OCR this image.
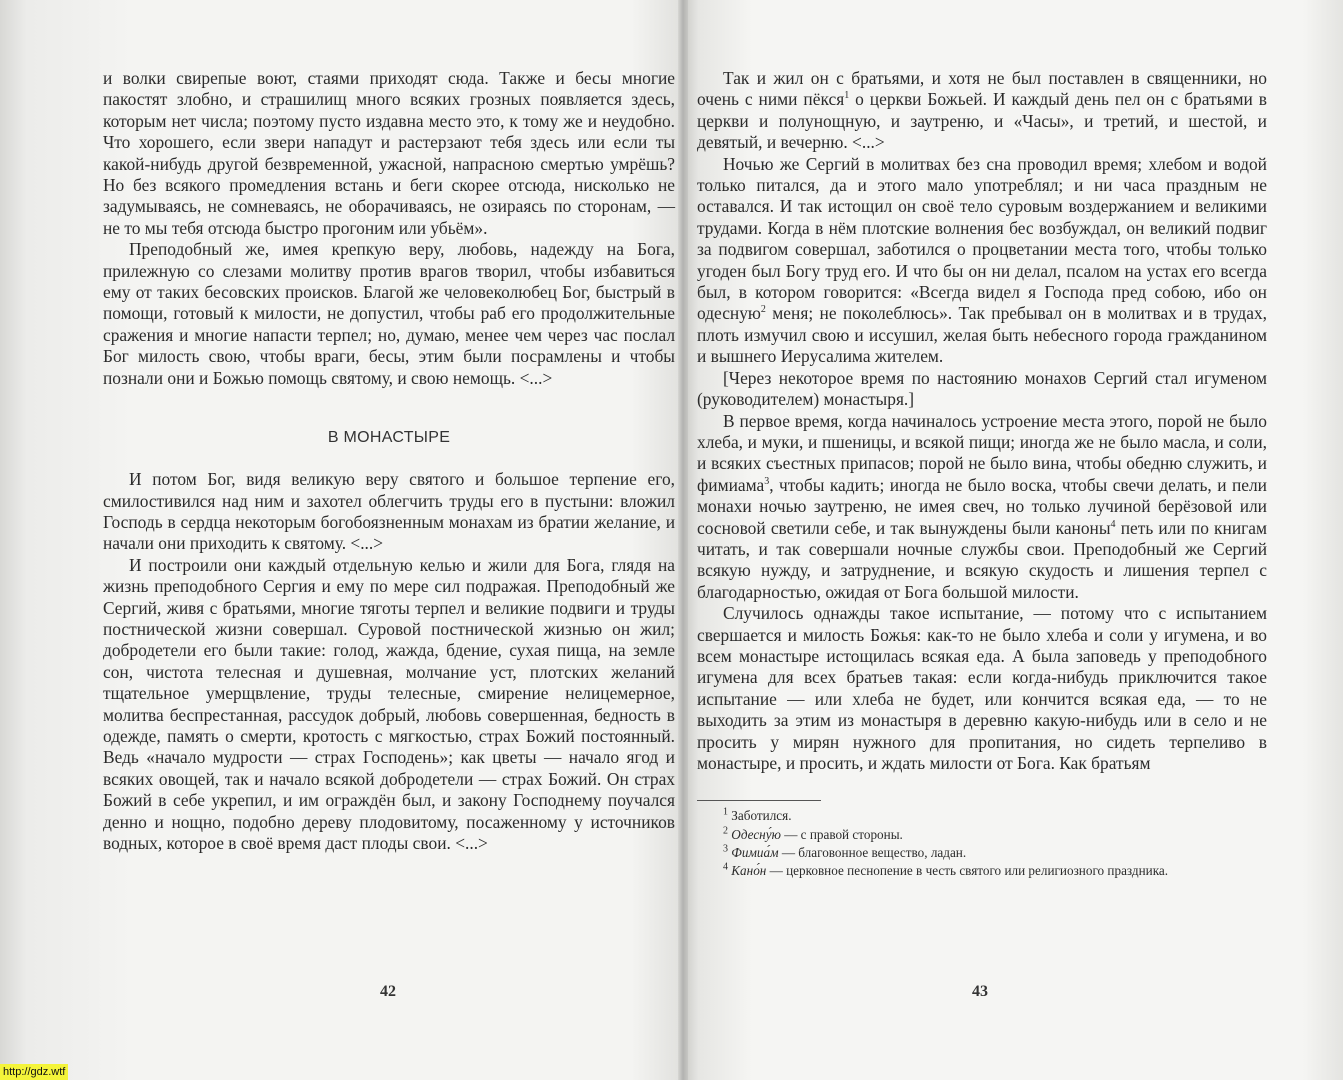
и волки свирепые воют, стаями приходят сюда. Также и бесы многие пакостят злобно, и страшилищ много всяких грозных появляется здесь, которым нет числа; поэтому пусто издавна место это, к тому же и неудобно. Что хорошего, если звери нападут и растерзают тебя здесь или если ты какой-нибудь другой безвременной, ужасной, напрасною смертью умрёшь? Но без всякого промедления встань и беги скорее отсюда, нисколько не задумываясь, не сомневаясь, не оборачиваясь, не озираясь по сторонам, — не то мы тебя отсюда быстро прогоним или убьём».

Преподобный же, имея крепкую веру, любовь, надежду на Бога, прилежную со слезами молитву против врагов творил, чтобы избавиться ему от таких бесовских происков. Благой же человеколюбец Бог, быстрый в помощи, готовый к милости, не допустил, чтобы раб его продолжительные сражения и многие напасти терпел; но, думаю, менее чем через час послал Бог милость свою, чтобы враги, бесы, этим были посрамлены и чтобы познали они и Божью помощь святому, и свою немощь. <...>

В МОНАСТЫРЕ

И потом Бог, видя великую веру святого и большое терпение его, смилостивился над ним и захотел облегчить труды его в пустыни: вложил Господь в сердца некоторым богобоязненным монахам из братии желание, и начали они приходить к святому. <...>

И построили они каждый отдельную келью и жили для Бога, глядя на жизнь преподобного Сергия и ему по мере сил подражая. Преподобный же Сергий, живя с братьями, многие тяготы терпел и великие подвиги и труды постнической жизни совершал. Суровой постнической жизнью он жил; добродетели его были такие: голод, жажда, бдение, сухая пища, на земле сон, чистота телесная и душевная, молчание уст, плотских желаний тщательное умерщвление, труды телесные, смирение нелицемерное, молитва беспрестанная, рассудок добрый, любовь совершенная, бедность в одежде, память о смерти, кротость с мягкостью, страх Божий постоянный. Ведь «начало мудрости — страх Господень»; как цветы — начало ягод и всяких овощей, так и начало всякой добродетели — страх Божий. Он страх Божий в себе укрепил, и им ограждён был, и закону Господнему поучался денно и нощно, подобно дереву плодовитому, посаженному у источников водных, которое в своё время даст плоды свои. <...>

42

Так и жил он с братьями, и хотя не был поставлен в священники, но очень с ними пёкся$^1$ о церкви Божьей. И каждый день пел он с братьями в церкви и полунощную, и заутреню, и «Часы», и третий, и шестой, и девятый, и вечерню. <...>

Ночью же Сергий в молитвах без сна проводил время; хлебом и водой только питался, да и этого мало употреблял; и ни часа праздным не оставался. И так истощил он своё тело суровым воздержанием и великими трудами. Когда в нём плотские волнения бес возбуждал, он великий подвиг за подвигом совершал, заботился о процветании места того, чтобы только угоден был Богу труд его. И что бы он ни делал, псалом на устах его всегда был, в котором говорится: «Всегда видел я Господа пред собою, ибо он одесную$^2$ меня; не поколеблюсь». Так пребывал он в молитвах и в трудах, плоть измучил свою и иссушил, желая быть небесного города гражданином и вышнего Иерусалима жителем.

[Через некоторое время по настоянию монахов Сергий стал игуменом (руководителем) монастыря.]

В первое время, когда начиналось устроение места этого, порой не было хлеба, и муки, и пшеницы, и всякой пищи; иногда же не было масла, и соли, и всяких съестных припасов; порой не было вина, чтобы обедню служить, и фимиама$^3$, чтобы кадить; иногда не было воска, чтобы свечи делать, и пели монахи ночью заутреню, не имея свеч, но только лучиной берёзовой или сосновой светили себе, и так вынуждены были каноны$^4$ петь или по книгам читать, и так совершали ночные службы свои. Преподобный же Сергий всякую нужду, и затруднение, и всякую скудость и лишения терпел с благодарностью, ожидая от Бога большой милости.

Случилось однажды такое испытание, — потому что с испытанием свершается и милость Божья: как-то не было хлеба и соли у игумена, и во всем монастыре истощилась всякая еда. А была заповедь у преподобного игумена для всех братьев такая: если когда-нибудь приключится такое испытание — или хлеба не будет, или кончится всякая еда, — то не выходить за этим из монастыря в деревню какую-нибудь или в село и не просить у мирян нужного для пропитания, но сидеть терпеливо в монастыре, и просить, и ждать милости от Бога. Как братьям

$^1$ Заботился.

$^2$ Одесну́ю — с правой стороны.

$^3$ Фимиа́м — благовонное вещество, ладан.

$^4$ Кано́н — церковное песнопение в честь святого или религиозного праздника.

43
http://gdz.wtf
